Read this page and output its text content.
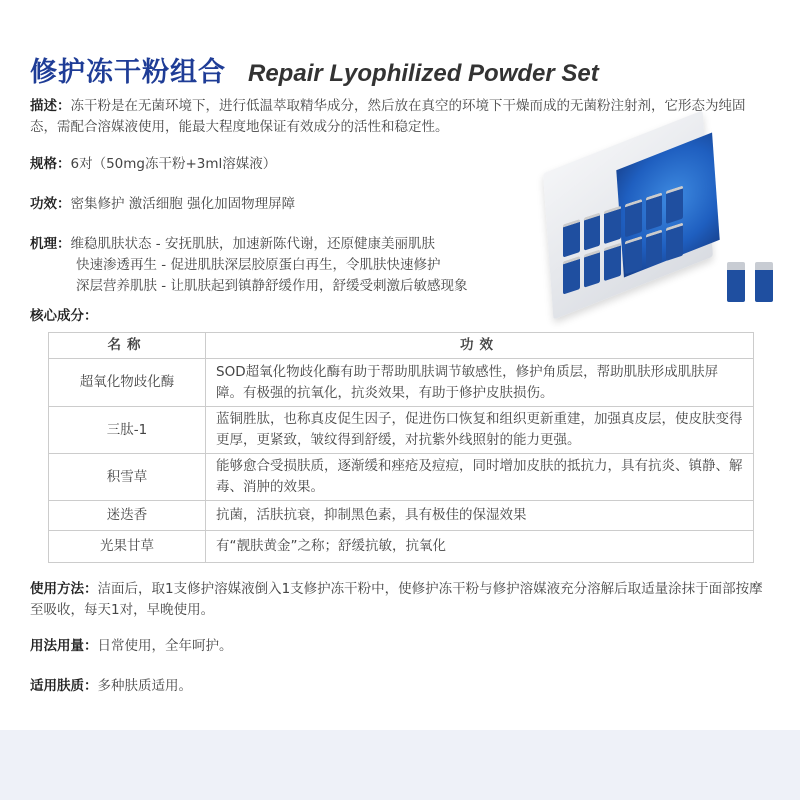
修护冻干粉组合 Repair Lyophilized Powder Set
描述：冻干粉是在无菌环境下，进行低温萃取精华成分，然后放在真空的环境下干燥而成的无菌粉注射剂，它形态为纯固态，需配合溶媒液使用，能最大程度地保证有效成分的活性和稳定性。
规格：6对（50mg冻干粉+3ml溶媒液）
功效：密集修护 激活细胞 强化加固物理屏障
机理：维稳肌肤状态 - 安抚肌肤，加速新陈代谢，还原健康美丽肌肤
快速渗透再生 - 促进肌肤深层胶原蛋白再生，令肌肤快速修护
深层营养肌肤 - 让肌肤起到镇静舒缓作用，舒缓受刺激后敏感现象
核心成分：
名称	功效
超氧化物歧化酶	SOD超氧化物歧化酶有助于帮助肌肤调节敏感性，修护角质层，帮助肌肤形成肌肤屏障。有极强的抗氧化，抗炎效果，有助于修护皮肤损伤。
三肽-1	蓝铜胜肽，也称真皮促生因子，促进伤口恢复和组织更新重建，加强真皮层，使皮肤变得更厚，更紧致，皱纹得到舒缓，对抗紫外线照射的能力更强。
积雪草	能够愈合受损肤质，逐渐缓和痤疮及痘痘，同时增加皮肤的抵抗力，具有抗炎、镇静、解毒、消肿的效果。
迷迭香	抗菌，活肤抗衰，抑制黑色素，具有极佳的保湿效果
光果甘草	有“靓肤黄金”之称；舒缓抗敏，抗氧化
使用方法：洁面后，取1支修护溶媒液倒入1支修护冻干粉中，使修护冻干粉与修护溶媒液充分溶解后取适量涂抹于面部按摩至吸收，每天1对，早晚使用。
用法用量：日常使用，全年呵护。
适用肤质：多种肤质适用。
